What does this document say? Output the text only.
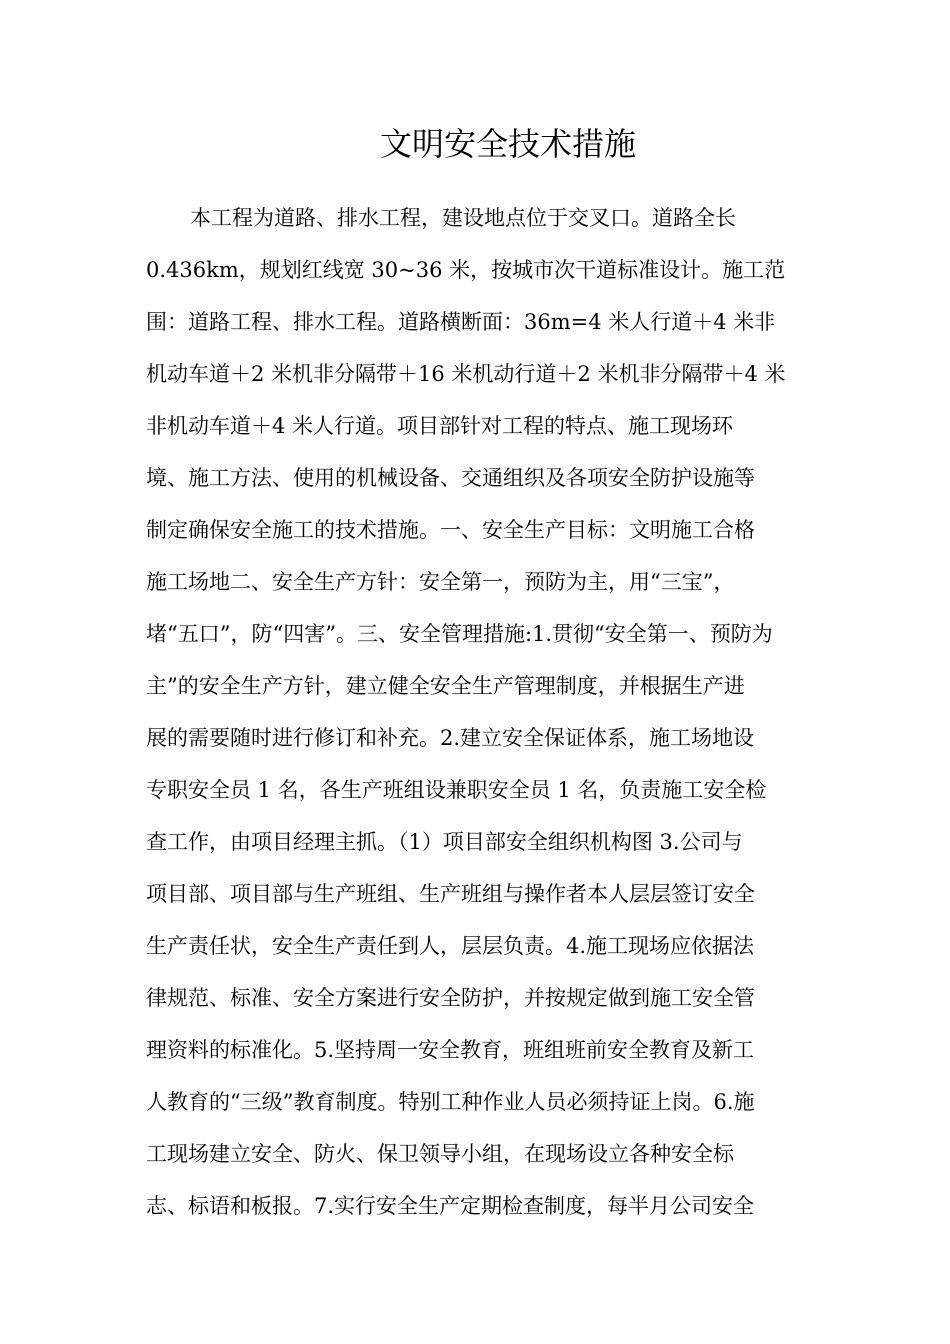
文明安全技术措施
本工程为道路、排水工程，建设地点位于交叉口。道路全长
0.436km，规划红线宽 30~36 米，按城市次干道标准设计。施工范
围：道路工程、排水工程。道路横断面：36m=4 米人行道＋4 米非
机动车道＋2 米机非分隔带＋16 米机动行道＋2 米机非分隔带＋4 米
非机动车道＋4 米人行道。项目部针对工程的特点、施工现场环
境、施工方法、使用的机械设备、交通组织及各项安全防护设施等
制定确保安全施工的技术措施。一、安全生产目标：文明施工合格
施工场地二、安全生产方针：安全第一，预防为主，用“三宝”，
堵“五口”，防“四害”。三、安全管理措施:1.贯彻“安全第一、预防为
主”的安全生产方针，建立健全安全生产管理制度，并根据生产进
展的需要随时进行修订和补充。2.建立安全保证体系，施工场地设
专职安全员 1 名，各生产班组设兼职安全员 1 名，负责施工安全检
查工作，由项目经理主抓。（1）项目部安全组织机构图 3.公司与
项目部、项目部与生产班组、生产班组与操作者本人层层签订安全
生产责任状，安全生产责任到人，层层负责。4.施工现场应依据法
律规范、标准、安全方案进行安全防护，并按规定做到施工安全管
理资料的标准化。5.坚持周一安全教育，班组班前安全教育及新工
人教育的“三级”教育制度。特别工种作业人员必须持证上岗。6.施
工现场建立安全、防火、保卫领导小组，在现场设立各种安全标
志、标语和板报。7.实行安全生产定期检查制度，每半月公司安全
